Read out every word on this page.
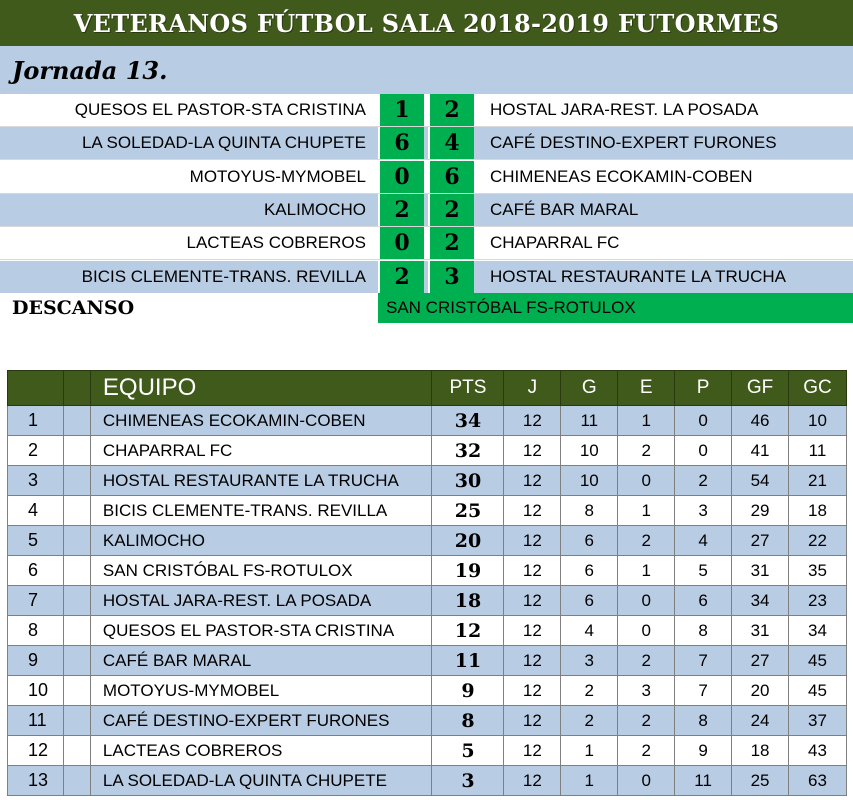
VETERANOS FÚTBOL SALA 2018-2019 FUTORMES
Jornada 13.
QUESOS EL PASTOR-STA CRISTINA	1	2	HOSTAL JARA-REST. LA POSADA
LA SOLEDAD-LA QUINTA CHUPETE	6	4	CAFÉ DESTINO-EXPERT FURONES
MOTOYUS-MYMOBEL	0	6	CHIMENEAS ECOKAMIN-COBEN
KALIMOCHO	2	2	CAFÉ BAR MARAL
LACTEAS COBREROS	0	2	CHAPARRAL FC
BICIS CLEMENTE-TRANS. REVILLA	2	3	HOSTAL RESTAURANTE LA TRUCHA
DESCANSO	SAN CRISTÓBAL FS-ROTULOX
		EQUIPO	PTS	J	G	E	P	GF	GC
1		CHIMENEAS ECOKAMIN-COBEN	34	12	11	1	0	46	10
2		CHAPARRAL FC	32	12	10	2	0	41	11
3		HOSTAL RESTAURANTE LA TRUCHA	30	12	10	0	2	54	21
4		BICIS CLEMENTE-TRANS. REVILLA	25	12	8	1	3	29	18
5		KALIMOCHO	20	12	6	2	4	27	22
6		SAN CRISTÓBAL FS-ROTULOX	19	12	6	1	5	31	35
7		HOSTAL JARA-REST. LA POSADA	18	12	6	0	6	34	23
8		QUESOS EL PASTOR-STA CRISTINA	12	12	4	0	8	31	34
9		CAFÉ BAR MARAL	11	12	3	2	7	27	45
10		MOTOYUS-MYMOBEL	9	12	2	3	7	20	45
11		CAFÉ DESTINO-EXPERT FURONES	8	12	2	2	8	24	37
12		LACTEAS COBREROS	5	12	1	2	9	18	43
13		LA SOLEDAD-LA QUINTA CHUPETE	3	12	1	0	11	25	63
